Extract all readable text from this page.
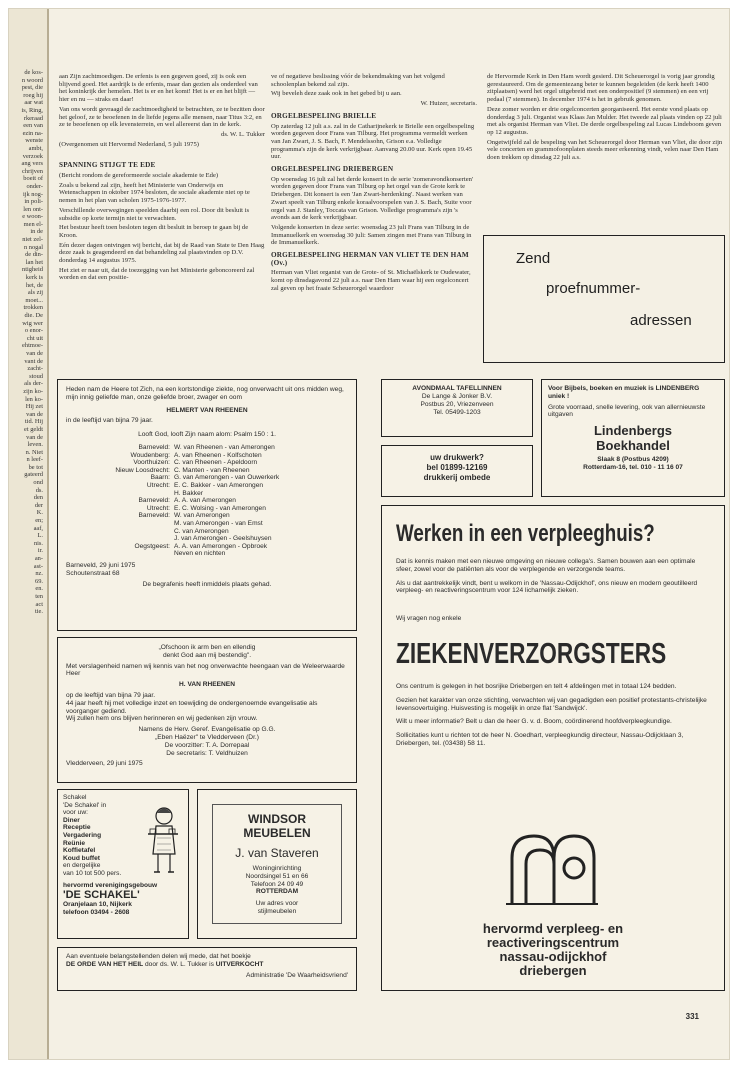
de kos-
n woord
pest, die
roeg hij
aar wat
is, Ring,
rkeraad
een van
ezin na-
wenste
ambt,
verzoek
ang vers
chrijven
boeit of
onder-
ijk nog-
in poli-
len ont-
e woon-
men el-
in de
niet zel-
n nogal
de din-
lan het
ntigheid
kerk is
het, de
als zij
moet...
trokken
die. De
wig wer
o enor-
cht uit
ehtmoe-
van de
vant de
zacht-
stoud
als der-
zijn ko-
len ko-
Hij zet
van de
tid. Hij
et geldt
van de
leven.
n. Niet
n leef-
be tot
gateerd
ond
ds.
den
der
K.
en;
aaf,
L.
nis.
ir.
an-
ast-
nz.
69.
en.
ten
act
tie.

aan Zijn zachtmoedigen. De erfenis is een gegeven goed, zij is ook een blijvend goed. Het aardrijk is de erfenis, maar dan gezien als onderdeel van het koninkrijk der hemelen. Het is er en het komt! Het is er en het blijft — hier en nu — straks en daar!

Van ons wordt gevraagd de zachtmoedigheid te betrachten, ze te bezitten door het geloof, ze te beoefenen in de liefde jegens alle mensen, naar Titus 3:2, en ze te beoefenen op elk levensterrein, en wel allereerst dan in de kerk.

ds. W. L. Tukker

(Overgenomen uit Hervormd Nederland, 5 juli 1975)

SPANNING STIJGT TE EDE

(Bericht rondom de gereformeerde sociale akademie te Ede)

Zoals u bekend zal zijn, heeft het Ministerie van Onderwijs en Wetenschappen in oktober 1974 besloten, de sociale akademie niet op te nemen in het plan van scholen 1975-1976-1977.

Verschillende overwegingen speelden daarbij een rol. Door dit besluit is subsidie op korte termijn niet te verwachten.

Het bestuur heeft toen besloten tegen dit besluit in beroep te gaan bij de Kroon.

Eén dezer dagen ontvingen wij bericht, dat bij de Raad van State te Den Haag deze zaak is geagendeerd en dat behandeling zal plaatsvinden op D.V. donderdag 14 augustus 1975.

Het ziet er naar uit, dat de toezegging van het Ministerie geboncoreerd zal worden en dat een positie-

ve of negatieve beslissing vóór de bekendmaking van het volgend schoolenplan bekend zal zijn.

Wij beveleh deze zaak ook in het gebed bij u aan.

W. Huizer, secretaris.

ORGELBESPELING BRIELLE

Op zaterdag 12 juli a.s. zal in de Catharijnekerk te Brielle een orgelbespeling worden gegeven door Frans van Tilburg. Het programma vermeldt werken van Jan Zwart, J. S. Bach, F. Mendelssohn, Grison e.a. Volledige programma's zijn de kerk verkrijgbaar. Aanvang 20.00 uur. Kerk open 19.45 uur.

ORGELBESPELING DRIEBERGEN

Op woensdag 16 juli zal het derde konsert in de serie 'zomeravondkonserten' worden gegeven door Frans van Tilburg op het orgel van de Grote kerk te Driebergen. Dit konsert is een 'Jan Zwart-herdenking'. Naast werken van Zwart speelt van Tilburg enkele koraalvoorspelen van J. S. Bach, Suite voor orgel van J. Stanley, Toccata van Grison. Volledige programma's zijn 's avonds aan de kerk verkrijgbaar.

Volgende konserten in deze serie: woensdag 23 juli Frans van Tilburg in de Immanuelkerk en woensdag 30 juli: Samen zingen met Frans van Tilburg in de Immanuelkerk.

ORGELBESPELING HERMAN VAN VLIET TE DEN HAM (Ov.)

Herman van Vliet organist van de Grote- of St. Michaëlskerk te Oudewater, komt op dinsdagavond 22 juli a.s. naar Den Ham waar hij een orgelconcert zal geven op het fraaie Scheuerorgel waardoor

de Hervormde Kerk in Den Ham wordt gesierd. Dit Scheuerorgel is vorig jaar grondig gerestaureerd. Om de gemeentezang beter te kunnen begeleiden (de kerk heeft 1400 zitplaatsen) werd het orgel uitgebreid met een onderpositief (9 stemmen) en een vrij pedaal (7 stemmen). In december 1974 is het in gebruik genomen.

Deze zomer worden er drie orgelconcerten georganiseerd. Het eerste vond plaats op donderdag 3 juli. Organist was Klaas Jan Mulder. Het tweede zal plaats vinden op 22 juli met als organist Herman van Vliet. De derde orgelbespeling zal Lucas Lindeboom geven op 12 augustus.

Ongetwijfeld zal de bespeling van het Scheuerorgel door Herman van Vliet, die door zijn vele concerten en grammofoonplaten steeds meer erkenning vindt, velen naar Den Ham doen trekken op dinsdag 22 juli a.s.

Zend
proefnummer-
adressen

Heden nam de Heere tot Zich, na een kortstondige ziekte, nog onverwacht uit ons midden weg, mijn innig geliefde man, onze geliefde broer, zwager en oom

HELMERT VAN RHEENEN

in de leeftijd van bijna 79 jaar.

Looft God, looft Zijn naam alom: Psalm 150 : 1.

Barneveld: W. van Rheenen - van Amerongen
Woudenberg: A. van Rheenen - Kolfschoten
Voorthuizen: C. van Rheenen - Apeldoorn
Nieuw Loosdrecht: C. Manten - van Rheenen
Baarn: G. van Amerongen - van Ouwerkerk
Utrecht: E. C. Bakker - van Amerongen
H. Bakker
Barneveld: A. A. van Amerongen
Utrecht: E. C. Wolsing - van Amerongen
Barneveld: W. van Amerongen
M. van Amerongen - van Emst
C. van Amerongen
J. van Amerongen - Geelshuysen
Oegstgeest: A. A. van Amerongen - Opbroek
Neven en nichten

Barneveld, 29 juni 1975

Schoutenstraat 68

De begrafenis heeft inmiddels plaats gehad.

„Ofschoon ik arm ben en ellendig

denkt God aan mij bestendig".

Met verslagenheid namen wij kennis van het nog onverwachte heengaan van de Weleerwaarde Heer

H. VAN RHEENEN

op de leeftijd van bijna 79 jaar.

44 jaar heeft hij met volledige inzet en toewijding de ondergenoemde evangelisatie als voorganger gediend.

Wij zullen hem ons blijven herinneren en wij gedenken zijn vrouw.

Namens de Herv. Geref. Evangelisatie op G.G.

„Eben Haëzer" te Vledderveen (Dr.)

De voorzitter: T. A. Dorrepaal

De secretaris: T. Veldhuizen

Vledderveen, 29 juni 1975

Schakel

'De Schakel' in

voor uw:

Diner
Receptie
Vergadering
Reünie
Koffietafel
Koud buffet

en dergelijke

van 10 tot 500 pers.

hervormd verenigingsgebouw

'DE SCHAKEL'

Oranjelaan 10, Nijkerk

telefoon 03494 - 2608

WINDSOR

MEUBELEN

J. van Staveren

Woninginrichting

Noordsingel 51 en 66

Telefoon 24 09 49

ROTTERDAM

Uw adres voor

stijlmeubelen

Aan eventuele belangstellenden delen wij mede, dat het boekje

DE ORDE VAN HET HEIL door ds. W. L. Tukker is UITVERKOCHT

Administratie 'De Waarheidsvriend'

AVONDMAAL TAFELLINNEN

De Lange & Jonker B.V.

Postbus 20, Vriezenveen

Tel. 05499-1203

uw drukwerk?

bel 01899-12169

drukkerij ombede

Voor Bijbels, boeken en muziek is LINDENBERG uniek !

Grote voorraad, snelle levering, ook van allernieuwste uitgaven

Lindenbergs

Boekhandel

Slaak 8 (Postbus 4209)

Rotterdam-16, tel. 010 - 11 16 07

Werken in een verpleeghuis?

Dat is kennis maken met een nieuwe omgeving en nieuwe collega's. Samen bouwen aan een optimale sfeer, zowel voor de patiënten als voor de verplegende en verzorgende teams.

Als u dat aantrekkelijk vindt, bent u welkom in de 'Nassau-Odijckhof', ons nieuw en modern geoutilleerd verpleeg- en reactiveringscentrum voor 124 lichamelijk zieken.

Wij vragen nog enkele

ZIEKENVERZORGSTERS

Ons centrum is gelegen in het bosrijke Driebergen en telt 4 afdelingen met in totaal 124 bedden.

Gezien het karakter van onze stichting, verwachten wij van gegadigden een positief protestants-christelijke levensovertuiging. Huisvesting is mogelijk in onze flat 'Sandwijck'.

Wilt u meer informatie? Belt u dan de heer G. v. d. Boom, coördinerend hoofdverpleegkundige.

Sollicitaties kunt u richten tot de heer N. Goedhart, verpleegkundig directeur, Nassau-Odijcklaan 3, Driebergen, tel. (03438) 58 11.

hervormd verpleeg- en

reactiveringscentrum

nassau-odijckhof

driebergen

331
